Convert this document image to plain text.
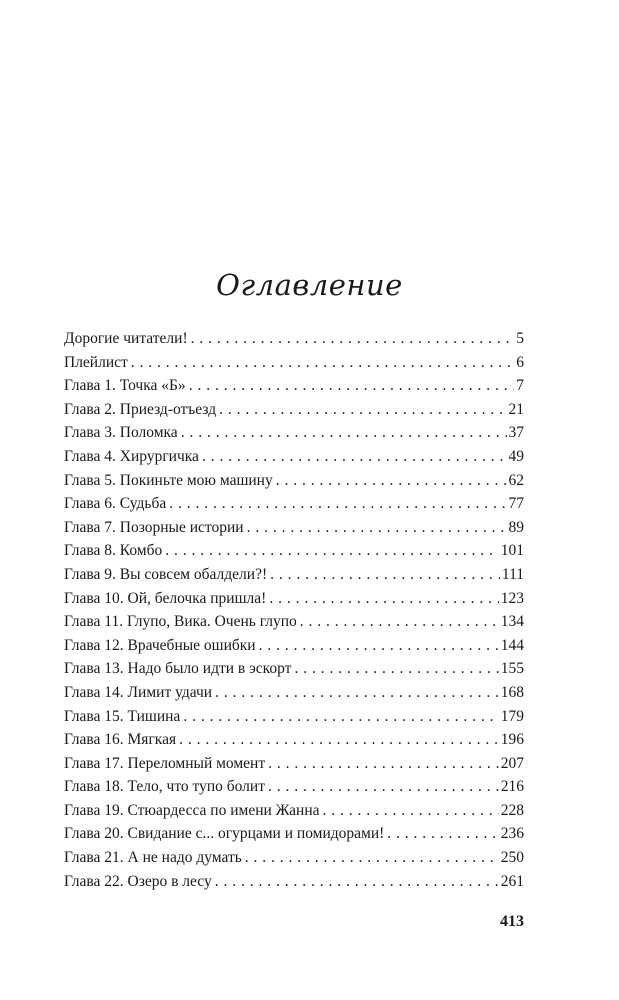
Оглавление
Дорогие читатели! . . .	5
Плейлист . . .	6
Глава 1. Точка «Б» . . .	7
Глава 2. Приезд-отъезд . . .	21
Глава 3. Поломка . . .	37
Глава 4. Хирургичка . . .	49
Глава 5. Покиньте мою машину . . .	62
Глава 6. Судьба . . .	77
Глава 7. Позорные истории . . .	89
Глава 8. Комбо . . .	101
Глава 9. Вы совсем обалдели?! . . .	111
Глава 10. Ой, белочка пришла! . . .	123
Глава 11. Глупо, Вика. Очень глупо . . .	134
Глава 12. Врачебные ошибки . . .	144
Глава 13. Надо было идти в эскорт . . .	155
Глава 14. Лимит удачи . . .	168
Глава 15. Тишина . . .	179
Глава 16. Мягкая . . .	196
Глава 17. Переломный момент . . .	207
Глава 18. Тело, что тупо болит . . .	216
Глава 19. Стюардесса по имени Жанна . . .	228
Глава 20. Свидание с... огурцами и помидорами! . . .	236
Глава 21. А не надо думать . . .	250
Глава 22. Озеро в лесу . . .	261
413
